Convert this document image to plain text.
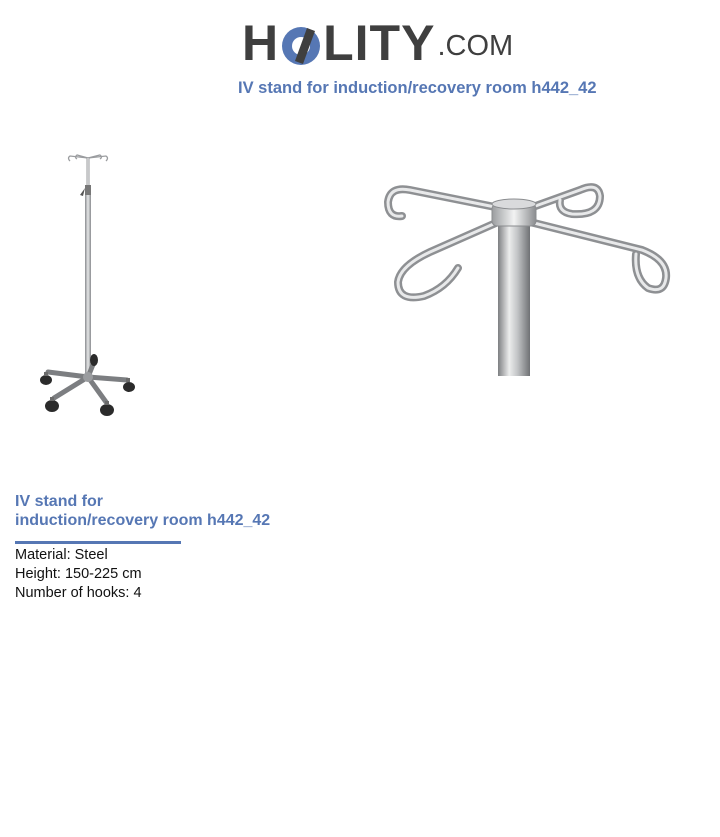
H LITY .COM
IV stand for induction/recovery room h442_42
IV stand for
induction/recovery room h442_42
Material: Steel
Height: 150-225 cm
Number of hooks: 4
